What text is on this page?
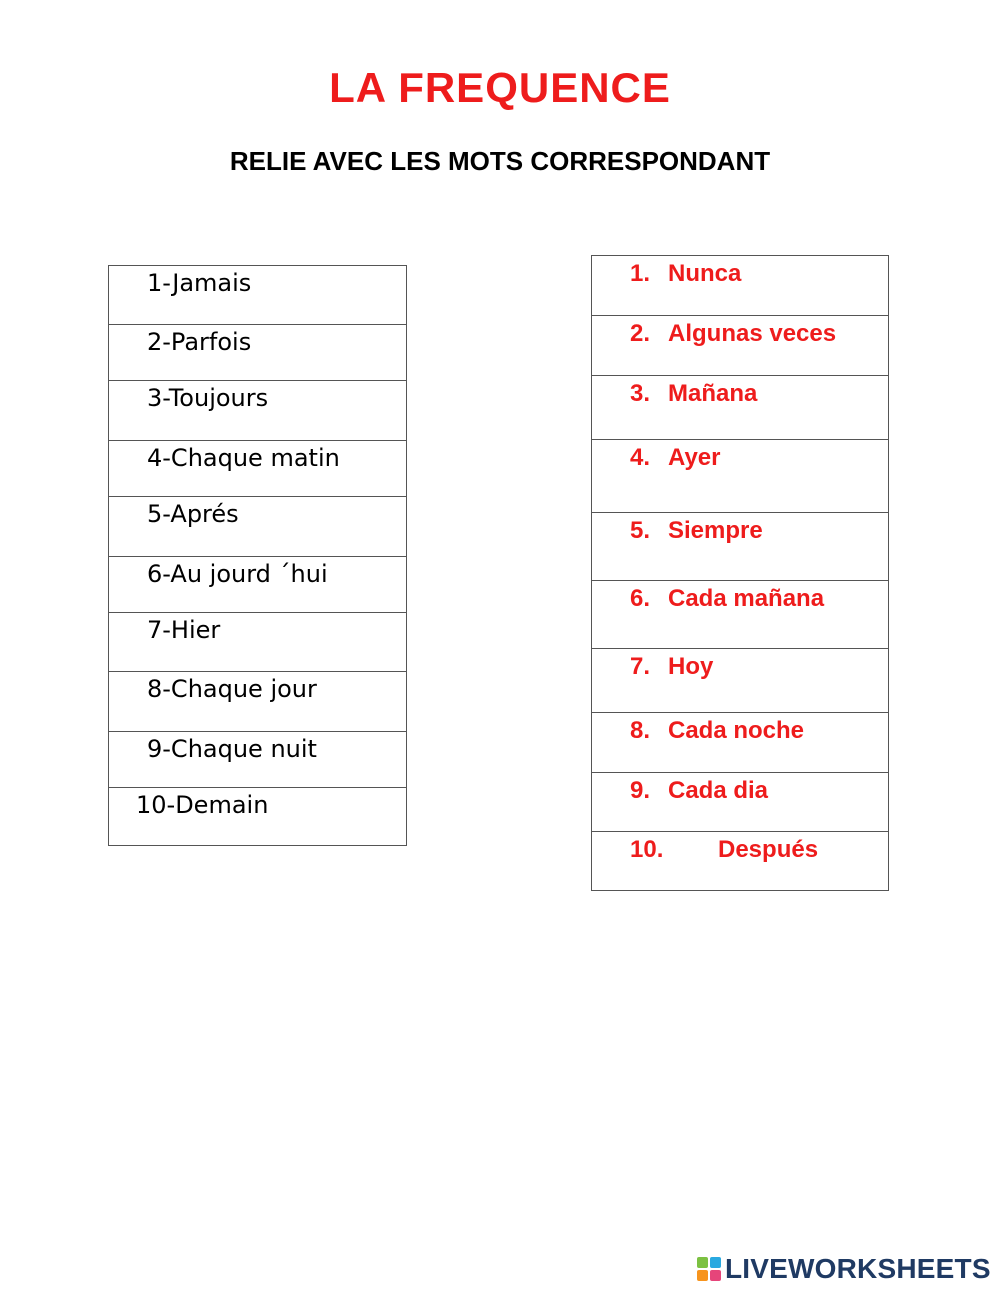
LA FREQUENCE
RELIE AVEC LES MOTS CORRESPONDANT
1-Jamais
2-Parfois
3-Toujours
4-Chaque matin
5-Aprés
6-Au jourd ´hui
7-Hier
8-Chaque jour
9-Chaque nuit
10-Demain
1. Nunca
2. Algunas veces
3. Mañana
4. Ayer
5. Siempre
6. Cada mañana
7. Hoy
8. Cada noche
9. Cada dia
10. Después
LIVEWORKSHEETS
